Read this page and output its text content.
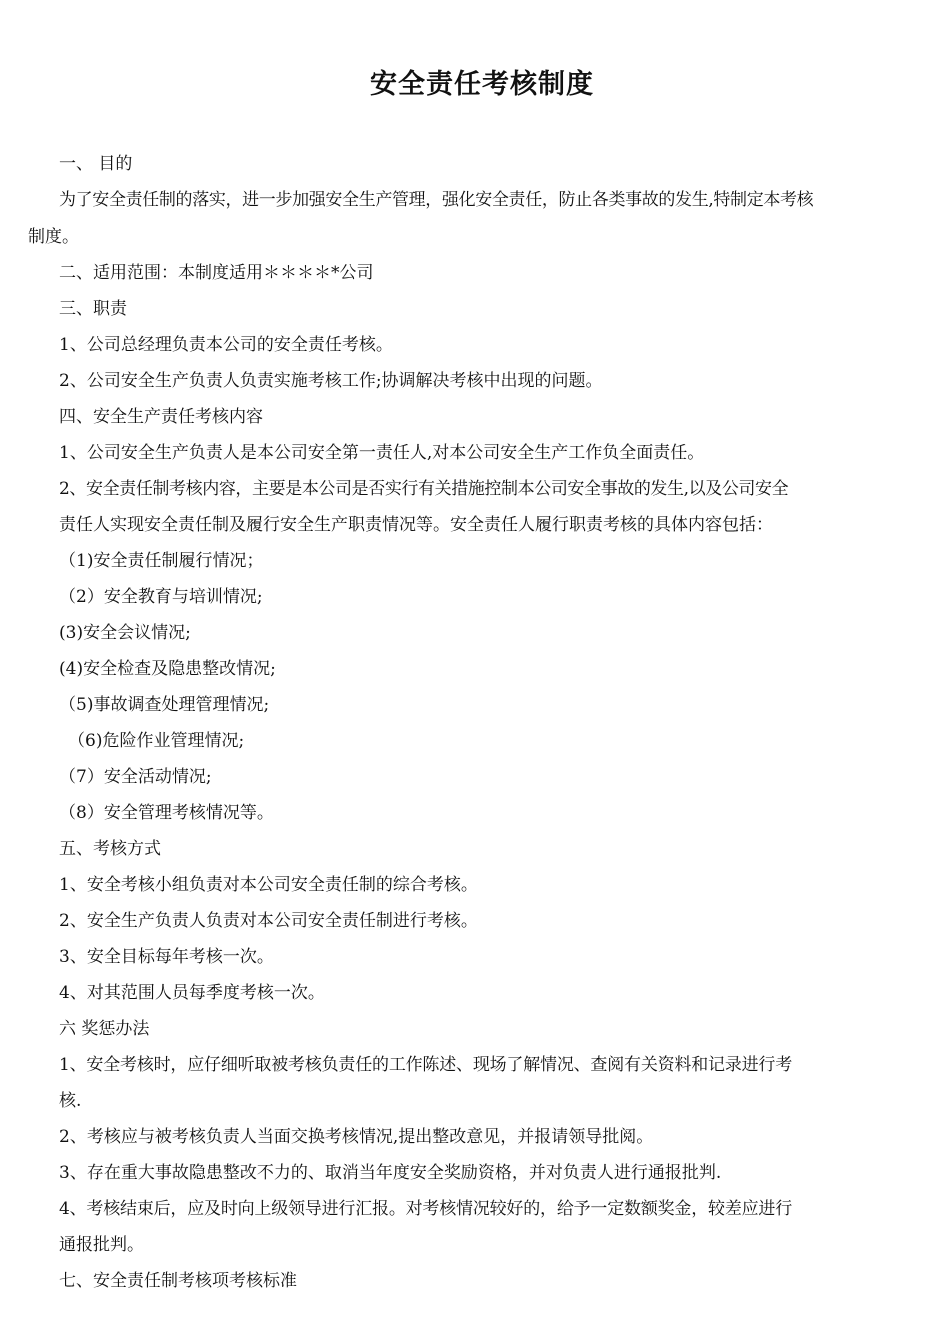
安全责任考核制度
一、 目的
为了安全责任制的落实，进一步加强安全生产管理，强化安全责任，防止各类事故的发生,特制定本考核
制度。
二、适用范围：本制度适用＊＊＊＊*公司
三、职责
1、公司总经理负责本公司的安全责任考核。
2、公司安全生产负责人负责实施考核工作;协调解决考核中出现的问题。
四、安全生产责任考核内容
1、公司安全生产负责人是本公司安全第一责任人,对本公司安全生产工作负全面责任。
2、安全责任制考核内容，主要是本公司是否实行有关措施控制本公司安全事故的发生,以及公司安全
责任人实现安全责任制及履行安全生产职责情况等。安全责任人履行职责考核的具体内容包括：
（1)安全责任制履行情况；
（2）安全教育与培训情况;
(3)安全会议情况;
(4)安全检查及隐患整改情况;
（5)事故调查处理管理情况;
（6)危险作业管理情况;
（7）安全活动情况;
（8）安全管理考核情况等。
五、考核方式
1、安全考核小组负责对本公司安全责任制的综合考核。
2、安全生产负责人负责对本公司安全责任制进行考核。
3、安全目标每年考核一次。
4、对其范围人员每季度考核一次。
六 奖惩办法
1、安全考核时，应仔细听取被考核负责任的工作陈述、现场了解情况、查阅有关资料和记录进行考
核.
2、考核应与被考核负责人当面交换考核情况,提出整改意见，并报请领导批阅。
3、存在重大事故隐患整改不力的、取消当年度安全奖励资格，并对负责人进行通报批判.
4、考核结束后，应及时向上级领导进行汇报。对考核情况较好的，给予一定数额奖金，较差应进行
通报批判。
七、安全责任制考核项考核标准
